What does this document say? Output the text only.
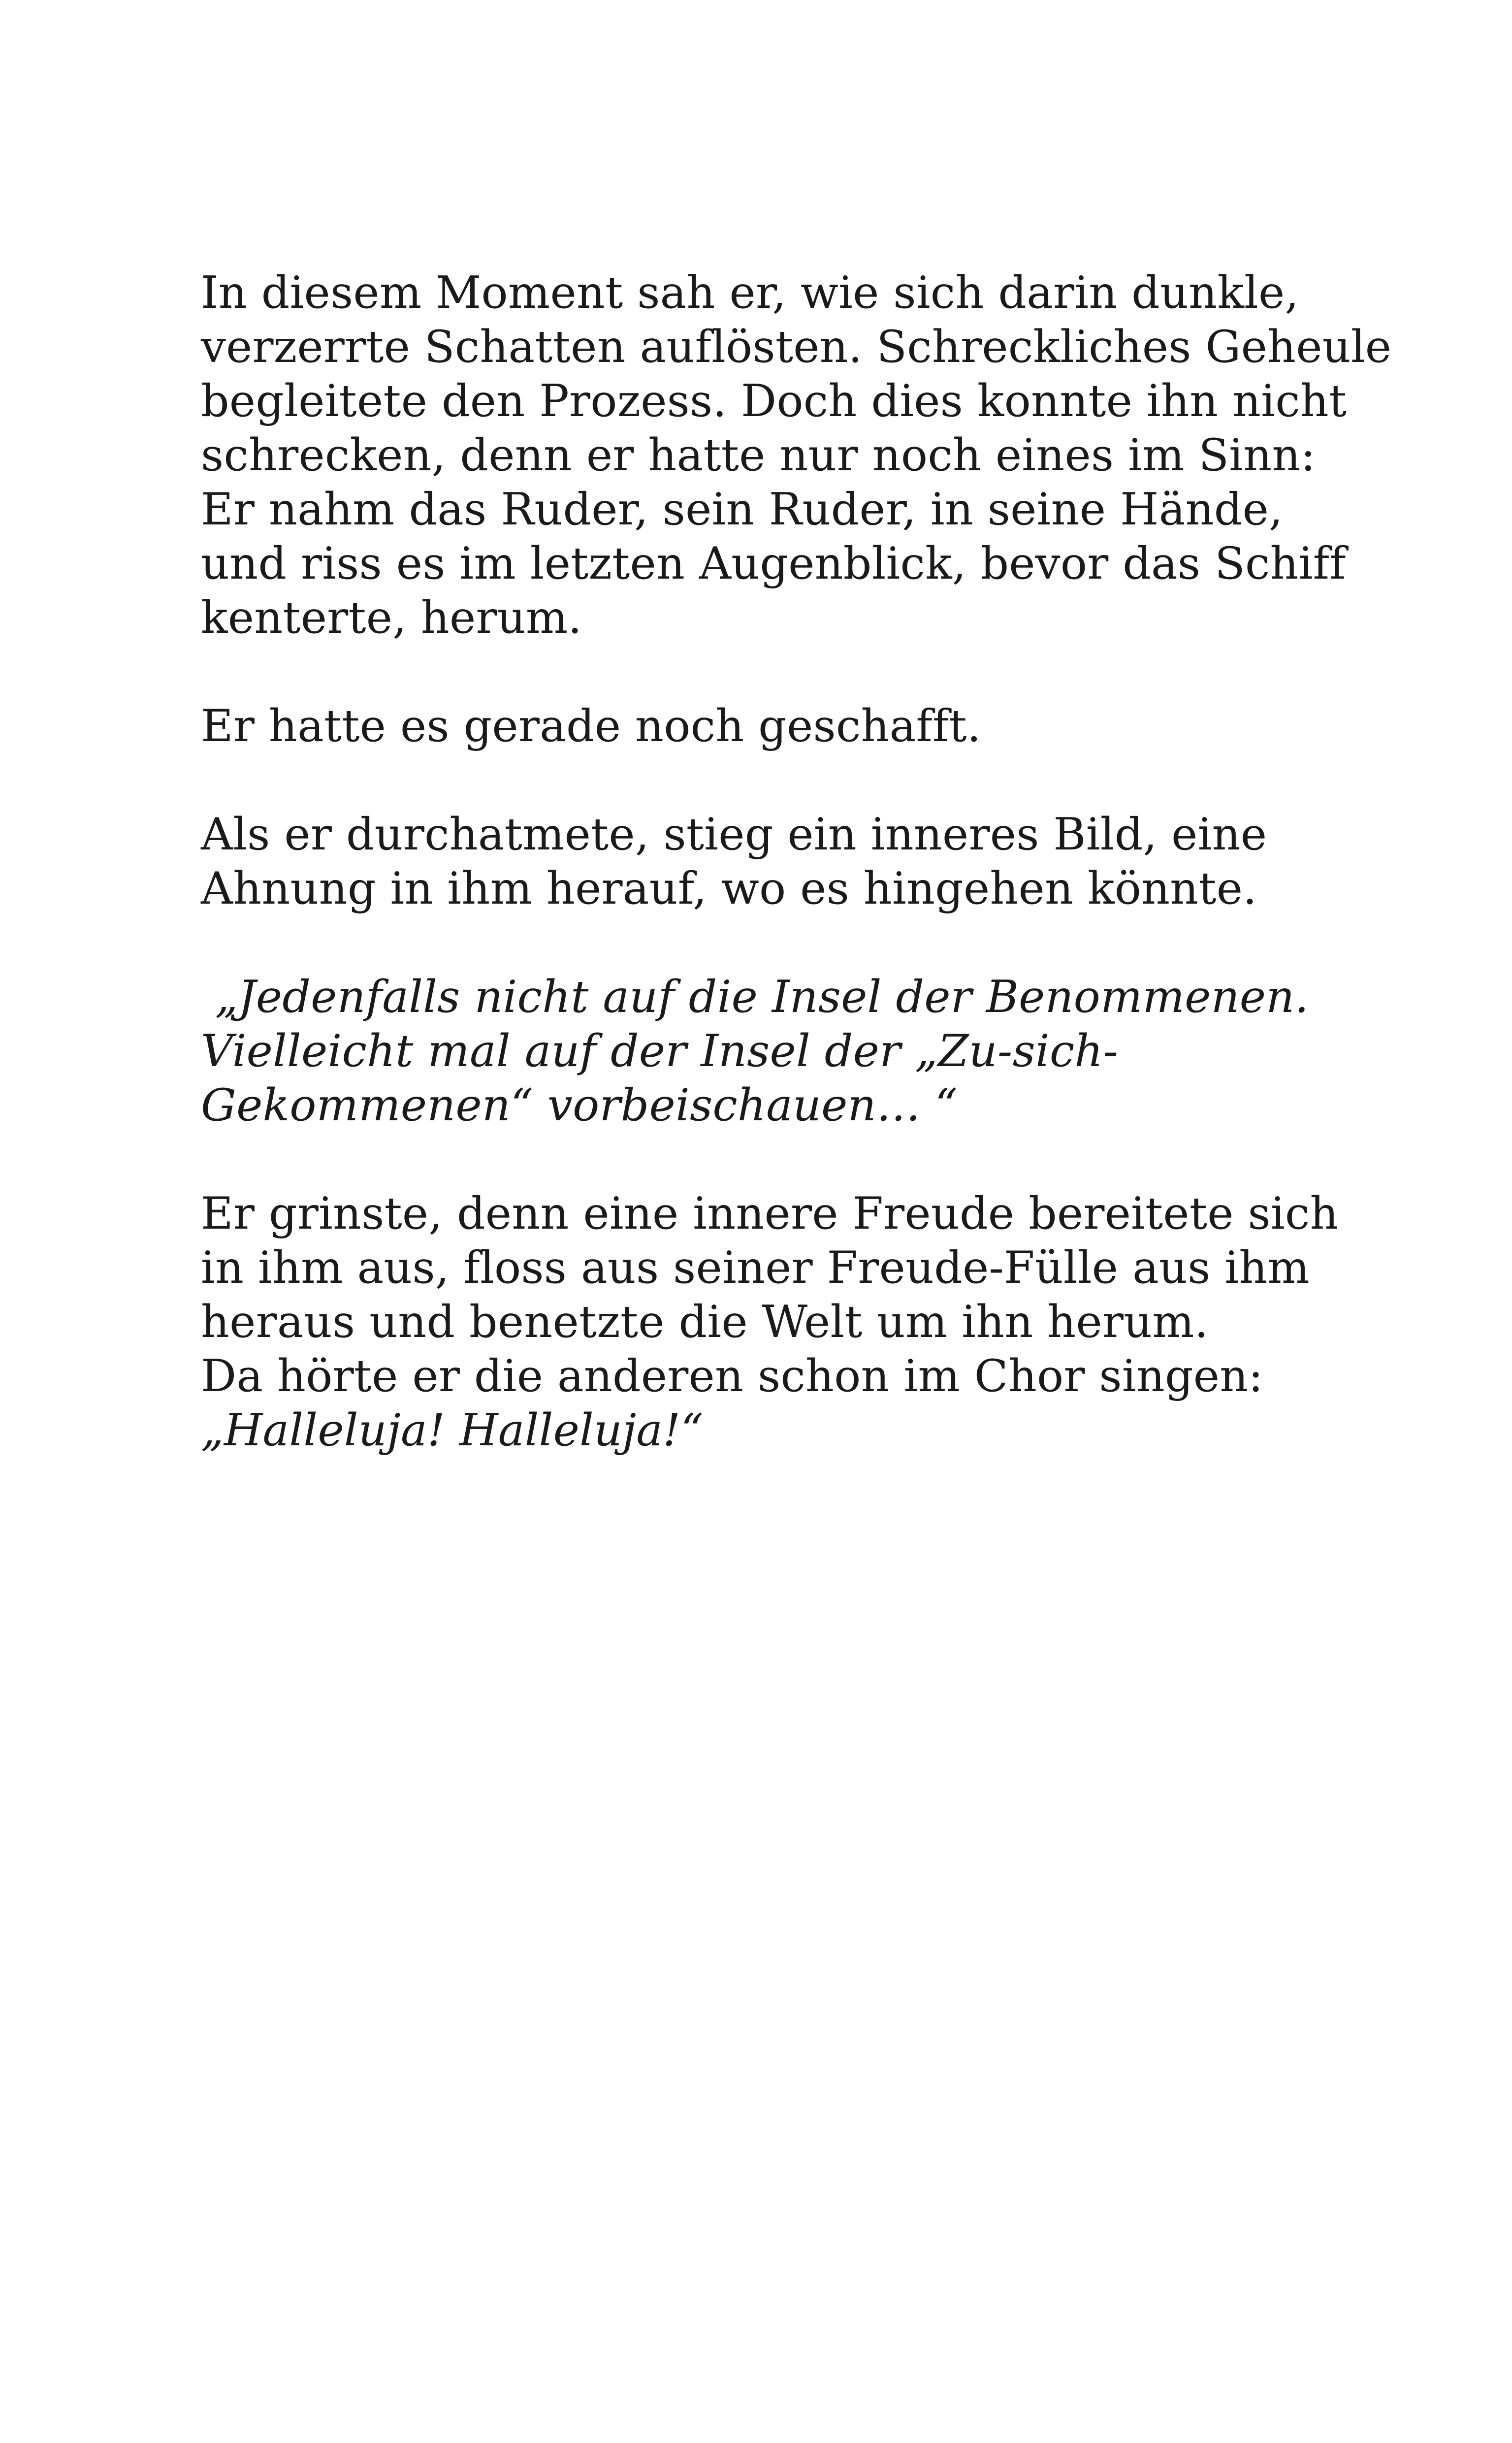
In diesem Moment sah er, wie sich darin dunkle,
verzerrte Schatten auflösten. Schreckliches Geheule
begleitete den Prozess. Doch dies konnte ihn nicht
schrecken, denn er hatte nur noch eines im Sinn:
Er nahm das Ruder, sein Ruder, in seine Hände,
und riss es im letzten Augenblick, bevor das Schiff
kenterte, herum.
Er hatte es gerade noch geschafft.
Als er durchatmete, stieg ein inneres Bild, eine
Ahnung in ihm herauf, wo es hingehen könnte.
„Jedenfalls nicht auf die Insel der Benommenen.
Vielleicht mal auf der Insel der „Zu-sich-
Gekommenen“ vorbeischauen… “
Er grinste, denn eine innere Freude bereitete sich
in ihm aus, floss aus seiner Freude-Fülle aus ihm
heraus und benetzte die Welt um ihn herum.
Da hörte er die anderen schon im Chor singen:
„Halleluja! Halleluja!“
